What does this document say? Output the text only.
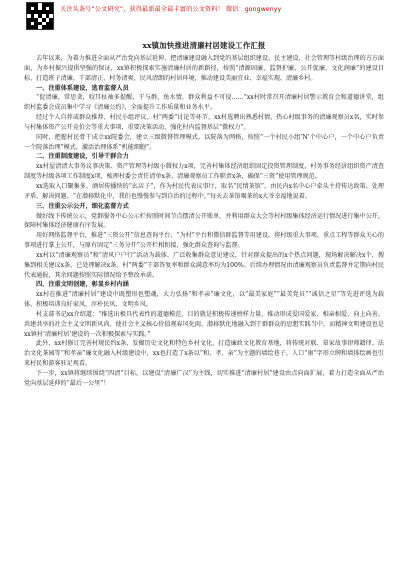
关注头条号“公文研究”，获得最新最全最丰富的公文资料！ 微信：gongwenyy
xx镇加快推进清廉村居建设工作汇报

去年以来，为着力推进全面从严治党向基层延伸，把清廉建设融入到党的基层组织建设、民主建设、社会管理等村级治理的方方面面，为乡村振兴提供坚强的保证，xx镇积极探索实施清廉村居的新路径，按照“清源固廉、监督护廉、公开促廉、文化润廉”的建设目标，打造班子清廉、干部清正、村务清爽、民风清朗的村居环境，推动建设美丽宜业、幸福实现、清廉乡村。

一、注重体系建设，选育监督人员

“促清廉，常思贪，咬耳扯袖多提醒，干与群，鱼水情，群众利益不可侵……”xx村时常召开清廉村居警示教育会和道德讲堂，组织村监委会成员集中学习《清廉公约》，全面提升工作质量和业务水平。

经过个人自荐或群众推荐、村民小组评议、村“两委”讨论等环节，xx村选聘出熟悉村情、热心村级事务的清廉观察员x名，实时参与村集体资产公开竞价会等重大事项，重要决策活动，强化村内监督基层“微权力”。

同时，把握村民骨干成立xx院委会，建立三级微督管理模式，以院落为网格，按照“一个村民小组‘N’个中心户，一个中心户负责一个院落治理”模式，激活治理体系“机能细胞”。

二、注重制度建设，引导干群合力

xx村屋清清大事务议事决策、资产管理等村级小微权力x项，完善村集体经济组织固定投资管理制度，村务事务经济组织资产清查制度等村级各项工作制度x项，梳理村委会责任清单x条、清廉观察员工作职责x条，确保“三资”使用管理规范。

xx选取入口聚集多、酒居传播快的“幺店子”，作为村民代表议事厅，取名“民情茶馆”，由民内x名中心户牵头主持传达政策、处理矛盾、解决问题。“在潜移默化中，我们也慢慢参与到自治的过程中，”每天去茶馆喝茶的x大爷幸福地说着。

三、注重公示公开，细化监督方式

做好线下传统公示，党群服务中心公示栏按照时间节点摆清公开账单，并利用群众大会等村村级集体经济运行情况进行集中公开，保障村集体经济健康有序发展。

用好网络监督平台，推进“三资公开”信息查询平台、“为村”平台和微信群监督等用建设。将村级重大事项、重点工程等群众关心的事项进行掌上公开，与原有固定“三务分开”公开栏相衔接，强化群众查询与监督。

xx村以“清廉观察员”和“清风户户行”活动为载体，广泛收集群众意见建议，针对群众提出的x个热点问题，现场解决解决x个，搜集到相关建议x条，已处理解决x条。村“两委”干部答复率和群众满意率均为100%。后续办理情况由清廉观察员负责监督并定期向村民代表通报，其余问题按照实际情况给予整改承诺。

四、注重文明创建，彰显乡村内涵

xx村在推进“清廉村居”建设中既塑形也塑魂，大力弘扬“和孝亲”廉文化，以“最美家庭”“最美党员”“诚信之星”等先进评选为载体，积极培训良好家风、淳朴民风、文明乡风。

村支部书记xx介绍道：“推选出极具代表性的道德模范，目的就是积极传递榜样力量，推动形成爱国爱家、相亲相爱、向上向善、共建共享的社会主义文明新风尚，使社会主义核心价值观春风化雨、潜移默化地融入到干群群众的思想实践当中，而精神文明建设也是xx镇村‘清廉村居’建设的一次积极探索与实践。”

此外，xx村修订完善村规民约x条，发掘历史文化和特色乡村文化，打造廉政文化教育基地，将传统对联、慕家故事律师籍律、法治文化茶园等“和孝亲”廉文化融入村级建设中，xx也打造了x条以“和、孝、亲”为主题的墙绘巷子，人口“康”字形立牌和墙体绘画也引来村民和游客驻足观看。

下一步，xx镇将继续围绕“四清”目标，以建设“清廉广汉”为主线，切实推进“清廉村居”建设由点向面扩展，着力打造全面从严治党向基层延伸的“最后一公里”！
